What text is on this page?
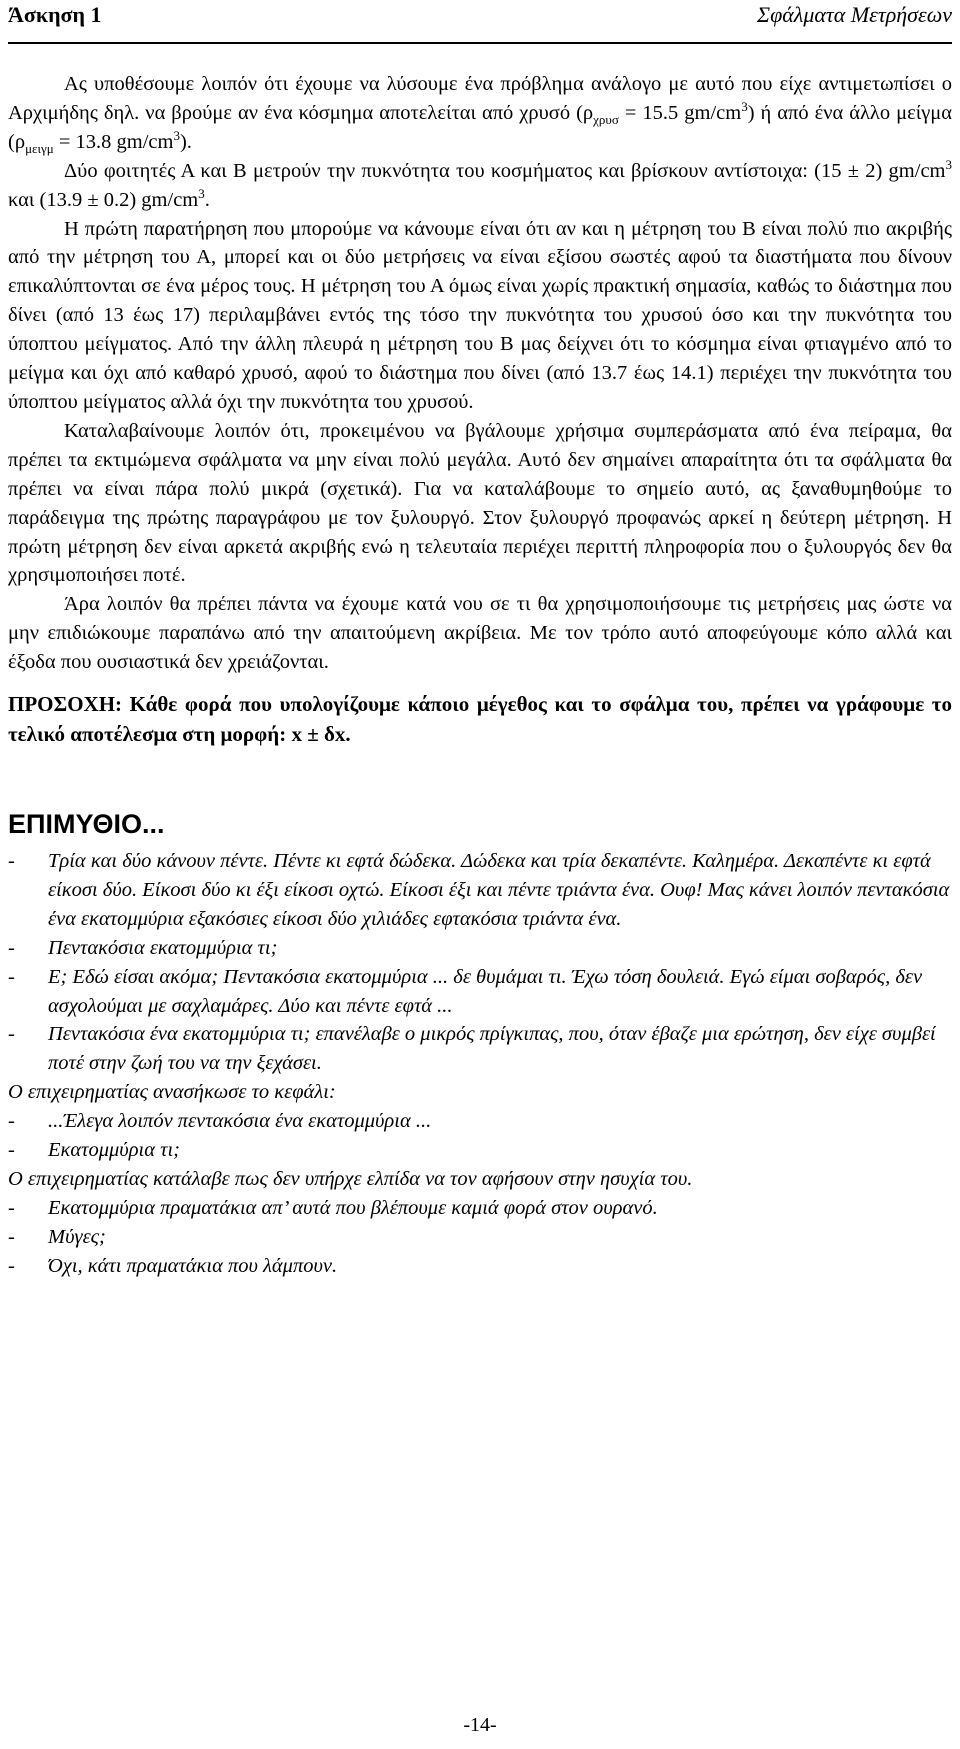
Άσκηση 1	Σφάλματα Μετρήσεων

Ας υποθέσουμε λοιπόν ότι έχουμε να λύσουμε ένα πρόβλημα ανάλογο με αυτό που είχε αντιμετωπίσει ο Αρχιμήδης δηλ. να βρούμε αν ένα κόσμημα αποτελείται από χρυσό ($\rho_{\chi\rho\upsilon\sigma} = 15.5$ $gm/cm^3$) ή από ένα άλλο μείγμα ($\rho_{\mu\varepsilon\iota\gamma\mu} = 13.8$ $gm/cm^3$).

Δύο φοιτητές Α και Β μετρούν την πυκνότητα του κοσμήματος και βρίσκουν αντίστοιχα: (15 ± 2) $gm/cm^3$ και (13.9 ± 0.2) $gm/cm^3$.

Η πρώτη παρατήρηση που μπορούμε να κάνουμε είναι ότι αν και η μέτρηση του Β είναι πολύ πιο ακριβής από την μέτρηση του Α, μπορεί και οι δύο μετρήσεις να είναι εξίσου σωστές αφού τα διαστήματα που δίνουν επικαλύπτονται σε ένα μέρος τους. Η μέτρηση του Α όμως είναι χωρίς πρακτική σημασία, καθώς το διάστημα που δίνει (από 13 έως 17) περιλαμβάνει εντός της τόσο την πυκνότητα του χρυσού όσο και την πυκνότητα του ύποπτου μείγματος. Από την άλλη πλευρά η μέτρηση του Β μας δείχνει ότι το κόσμημα είναι φτιαγμένο από το μείγμα και όχι από καθαρό χρυσό, αφού το διάστημα που δίνει (από 13.7 έως 14.1) περιέχει την πυκνότητα του ύποπτου μείγματος αλλά όχι την πυκνότητα του χρυσού.

Καταλαβαίνουμε λοιπόν ότι, προκειμένου να βγάλουμε χρήσιμα συμπεράσματα από ένα πείραμα, θα πρέπει τα εκτιμώμενα σφάλματα να μην είναι πολύ μεγάλα. Αυτό δεν σημαίνει απαραίτητα ότι τα σφάλματα θα πρέπει να είναι πάρα πολύ μικρά (σχετικά). Για να καταλάβουμε το σημείο αυτό, ας ξαναθυμηθούμε το παράδειγμα της πρώτης παραγράφου με τον ξυλουργό. Στον ξυλουργό προφανώς αρκεί η δεύτερη μέτρηση. Η πρώτη μέτρηση δεν είναι αρκετά ακριβής ενώ η τελευταία περιέχει περιττή πληροφορία που ο ξυλουργός δεν θα χρησιμοποιήσει ποτέ.

Άρα λοιπόν θα πρέπει πάντα να έχουμε κατά νου σε τι θα χρησιμοποιήσουμε τις μετρήσεις μας ώστε να μην επιδιώκουμε παραπάνω από την απαιτούμενη ακρίβεια. Με τον τρόπο αυτό αποφεύγουμε κόπο αλλά και έξοδα που ουσιαστικά δεν χρειάζονται.

ΠΡΟΣΟΧΗ: Κάθε φορά που υπολογίζουμε κάποιο μέγεθος και το σφάλμα του, πρέπει να γράφουμε το τελικό αποτέλεσμα στη μορφή: x ± δx.

ΕΠΙΜΥΘΙΟ...

- Τρία και δύο κάνουν πέντε. Πέντε κι εφτά δώδεκα. Δώδεκα και τρία δεκαπέντε. Καλημέρα. Δεκαπέντε κι εφτά είκοσι δύο. Είκοσι δύο κι έξι είκοσι οχτώ. Είκοσι έξι και πέντε τριάντα ένα. Ουφ! Μας κάνει λοιπόν πεντακόσια ένα εκατομμύρια εξακόσιες είκοσι δύο χιλιάδες εφτακόσια τριάντα ένα.

- Πεντακόσια εκατομμύρια τι;

- Ε; Εδώ είσαι ακόμα; Πεντακόσια εκατομμύρια ... δε θυμάμαι τι. Έχω τόση δουλειά. Εγώ είμαι σοβαρός, δεν ασχολούμαι με σαχλαμάρες. Δύο και πέντε εφτά ...

- Πεντακόσια ένα εκατομμύρια τι; επανέλαβε ο μικρός πρίγκιπας, που, όταν έβαζε μια ερώτηση, δεν είχε συμβεί ποτέ στην ζωή του να την ξεχάσει.

Ο επιχειρηματίας ανασήκωσε το κεφάλι:

- ...Έλεγα λοιπόν πεντακόσια ένα εκατομμύρια ...

- Εκατομμύρια τι;

Ο επιχειρηματίας κατάλαβε πως δεν υπήρχε ελπίδα να τον αφήσουν στην ησυχία του.

- Εκατομμύρια πραματάκια απ’ αυτά που βλέπουμε καμιά φορά στον ουρανό.

- Μύγες;

- Όχι, κάτι πραματάκια που λάμπουν.

-14-
